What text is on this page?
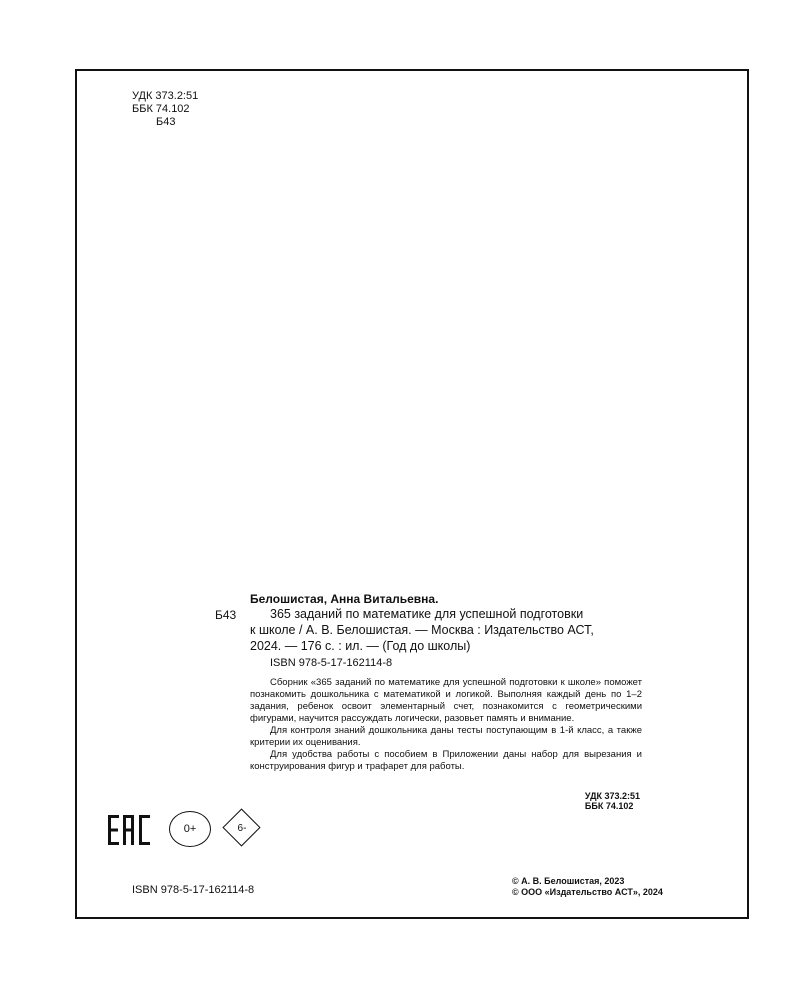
УДК 373.2:51
ББК 74.102
Б43
Белошистая, Анна Витальевна.
Б43	365 заданий по математике для успешной подготовки
к школе / А. В. Белошистая. — Москва : Издательство АСТ,
2024. — 176 с. : ил. — (Год до школы)
ISBN 978-5-17-162114-8

Сборник «365 заданий по математике для успешной подготовки к школе» поможет познакомить дошкольника с математикой и логикой. Выполняя каждый день по 1–2 задания, ребенок освоит элементарный счет, познакомится с геометрическими фигурами, научится рассуждать логически, разовьет память и внимание.

Для контроля знаний дошкольника даны тесты поступающим в 1-й класс, а также критерии их оценивания.

Для удобства работы с пособием в Приложении даны набор для вырезания и конструирования фигур и трафарет для работы.

УДК 373.2:51
ББК 74.102
0+	6-
ISBN 978-5-17-162114-8
© А. В. Белошистая, 2023
© ООО «Издательство АСТ», 2024
